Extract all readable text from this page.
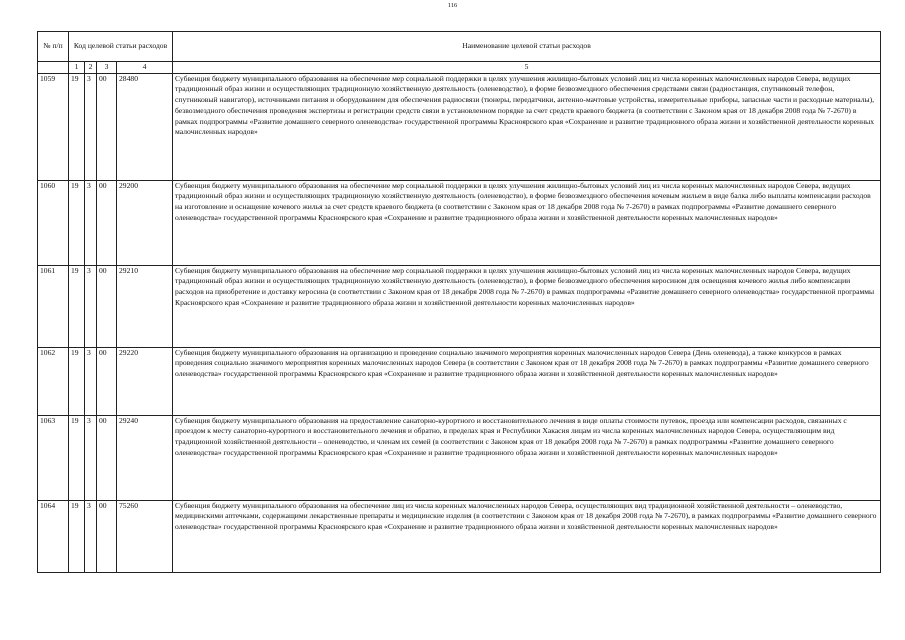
116
№ п/п	Код целевой статьи расходов				Наименование целевой статьи расходов
	1	2	3	4	5
1059	19	3	00	28480	Субвенция бюджету муниципального образования на обеспечение мер социальной поддержки в целях улучшения жилищно-бытовых условий лиц из числа коренных малочисленных народов Севера, ведущих традиционный образ жизни и осуществляющих традиционную хозяйственную деятельность (оленеводство), в форме безвозмездного обеспечения средствами связи (радиостанция, спутниковый телефон, спутниковый навигатор), источниками питания и оборудованием для обеспечения радиосвязи (тюнеры, передатчики, антенно-мачтовые устройства, измерительные приборы, запасные части и расходные материалы), безвозмездного обеспечения проведения экспертизы и регистрации средств связи в установленном порядке за счет средств краевого бюджета (в соответствии с Законом края от 18 декабря 2008 года № 7-2670) в рамках подпрограммы «Развитие домашнего северного оленеводства» государственной программы Красноярского края «Сохранение и развитие традиционного образа жизни и хозяйственной деятельности коренных малочисленных народов»
1060	19	3	00	29200	Субвенция бюджету муниципального образования на обеспечение мер социальной поддержки в целях улучшения жилищно-бытовых условий лиц из числа коренных малочисленных народов Севера, ведущих традиционный образ жизни и осуществляющих традиционную хозяйственную деятельность (оленеводство), в форме безвозмездного обеспечения кочевым жильем в виде балка либо выплаты компенсации расходов на изготовление и оснащение кочевого жилья за счет средств краевого бюджета (в соответствии с Законом края от 18 декабря 2008 года № 7-2670) в рамках подпрограммы «Развитие домашнего северного оленеводства» государственной программы Красноярского края «Сохранение и развитие традиционного образа жизни и хозяйственной деятельности коренных малочисленных народов»
1061	19	3	00	29210	Субвенция бюджету муниципального образования на обеспечение мер социальной поддержки в целях улучшения жилищно-бытовых условий лиц из числа коренных малочисленных народов Севера, ведущих традиционный образ жизни и осуществляющих традиционную хозяйственную деятельность (оленеводство), в форме безвозмездного обеспечения керосином для освещения кочевого жилья либо компенсации расходов на приобретение и доставку керосина (в соответствии с Законом края от 18 декабря 2008 года № 7-2670) в рамках подпрограммы «Развитие домашнего северного оленеводства» государственной программы Красноярского края «Сохранение и развитие традиционного образа жизни и хозяйственной деятельности коренных малочисленных народов»
1062	19	3	00	29220	Субвенция бюджету муниципального образования на организацию и проведение социально значимого мероприятия коренных малочисленных народов Севера (День оленевода), а также конкурсов в рамках проведения социально значимого мероприятия коренных малочисленных народов Севера (в соответствии с Законом края от 18 декабря 2008 года № 7-2670) в рамках подпрограммы «Развитие домашнего северного оленеводства» государственной программы Красноярского края «Сохранение и развитие традиционного образа жизни и хозяйственной деятельности коренных малочисленных народов»
1063	19	3	00	29240	Субвенция бюджету муниципального образования на предоставление санаторно-курортного и восстановительного лечения в виде оплаты стоимости путевок, проезда или компенсации расходов, связанных с проездом к месту санаторно-курортного и восстановительного лечения и обратно, в пределах края и Республики Хакасия лицам из числа коренных малочисленных народов Севера, осуществляющим вид традиционной хозяйственной деятельности – оленеводство, и членам их семей (в соответствии с Законом края от 18 декабря 2008 года № 7-2670) в рамках подпрограммы «Развитие домашнего северного оленеводства» государственной программы Красноярского края «Сохранение и развитие традиционного образа жизни и хозяйственной деятельности коренных малочисленных народов»
1064	19	3	00	75260	Субвенция бюджету муниципального образования на обеспечение лиц из числа коренных малочисленных народов Севера, осуществляющих вид традиционной хозяйственной деятельности – оленеводство, медицинскими аптечками, содержащими лекарственные препараты и медицинские изделия (в соответствии с Законом края от 18 декабря 2008 года № 7-2670), в рамках подпрограммы «Развитие домашнего северного оленеводства» государственной программы Красноярского края «Сохранение и развитие традиционного образа жизни и хозяйственной деятельности коренных малочисленных народов»
